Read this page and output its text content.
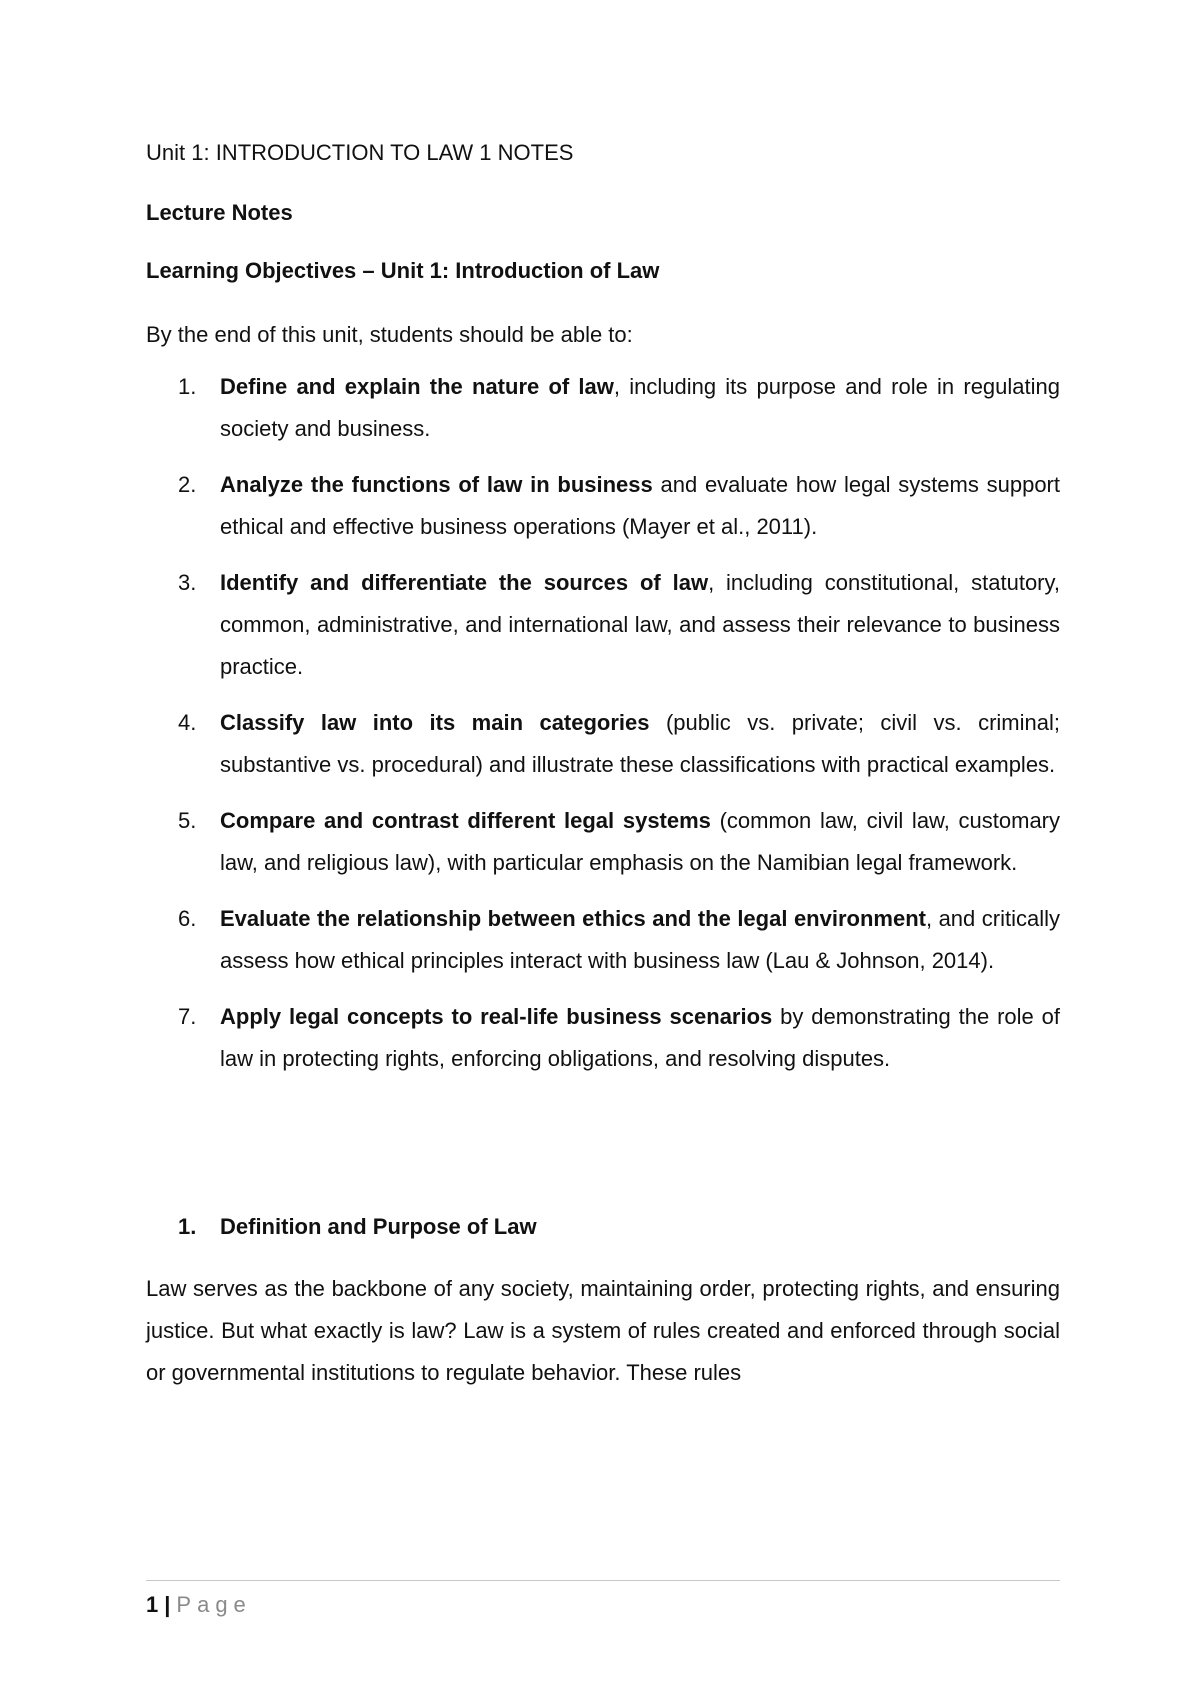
Unit 1: INTRODUCTION TO LAW 1 NOTES

Lecture Notes

Learning Objectives – Unit 1: Introduction of Law

By the end of this unit, students should be able to:

1. Define and explain the nature of law, including its purpose and role in regulating society and business.
2. Analyze the functions of law in business and evaluate how legal systems support ethical and effective business operations (Mayer et al., 2011).
3. Identify and differentiate the sources of law, including constitutional, statutory, common, administrative, and international law, and assess their relevance to business practice.
4. Classify law into its main categories (public vs. private; civil vs. criminal; substantive vs. procedural) and illustrate these classifications with practical examples.
5. Compare and contrast different legal systems (common law, civil law, customary law, and religious law), with particular emphasis on the Namibian legal framework.
6. Evaluate the relationship between ethics and the legal environment, and critically assess how ethical principles interact with business law (Lau & Johnson, 2014).
7. Apply legal concepts to real-life business scenarios by demonstrating the role of law in protecting rights, enforcing obligations, and resolving disputes.

1. Definition and Purpose of Law

Law serves as the backbone of any society, maintaining order, protecting rights, and ensuring justice. But what exactly is law? Law is a system of rules created and enforced through social or governmental institutions to regulate behavior. These rules

1 | Page
